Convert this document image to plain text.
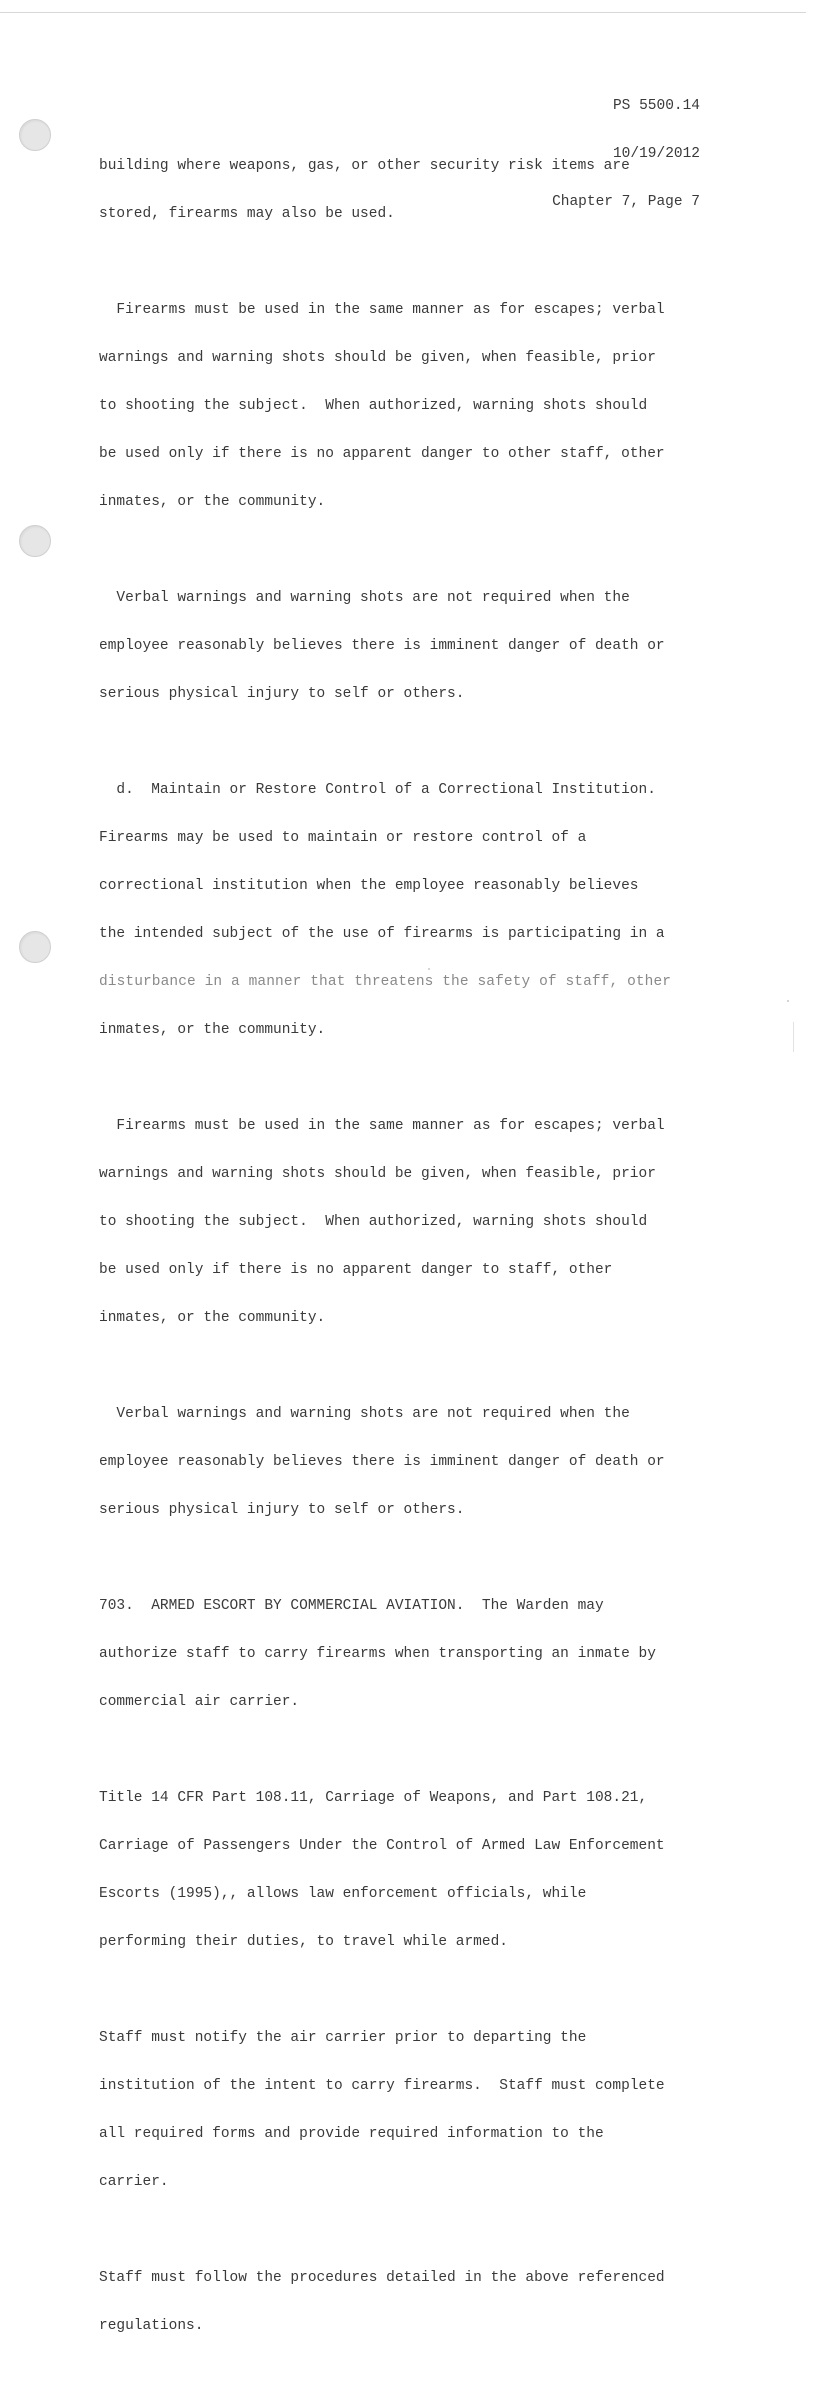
PS 5500.14

10/19/2012

Chapter 7, Page 7

building where weapons, gas, or other security risk items are

stored, firearms may also be used.

Firearms must be used in the same manner as for escapes; verbal

warnings and warning shots should be given, when feasible, prior

to shooting the subject.  When authorized, warning shots should

be used only if there is no apparent danger to other staff, other

inmates, or the community.

Verbal warnings and warning shots are not required when the

employee reasonably believes there is imminent danger of death or

serious physical injury to self or others.

d.  Maintain or Restore Control of a Correctional Institution.

Firearms may be used to maintain or restore control of a

correctional institution when the employee reasonably believes

the intended subject of the use of firearms is participating in a

disturbance in a manner that threatens the safety of staff, other

inmates, or the community.

Firearms must be used in the same manner as for escapes; verbal

warnings and warning shots should be given, when feasible, prior

to shooting the subject.  When authorized, warning shots should

be used only if there is no apparent danger to staff, other

inmates, or the community.

Verbal warnings and warning shots are not required when the

employee reasonably believes there is imminent danger of death or

serious physical injury to self or others.

703.  ARMED ESCORT BY COMMERCIAL AVIATION.  The Warden may

authorize staff to carry firearms when transporting an inmate by

commercial air carrier.

Title 14 CFR Part 108.11, Carriage of Weapons, and Part 108.21,

Carriage of Passengers Under the Control of Armed Law Enforcement

Escorts (1995),, allows law enforcement officials, while

performing their duties, to travel while armed.

Staff must notify the air carrier prior to departing the

institution of the intent to carry firearms.  Staff must complete

all required forms and provide required information to the

carrier.

Staff must follow the procedures detailed in the above referenced

regulations.
